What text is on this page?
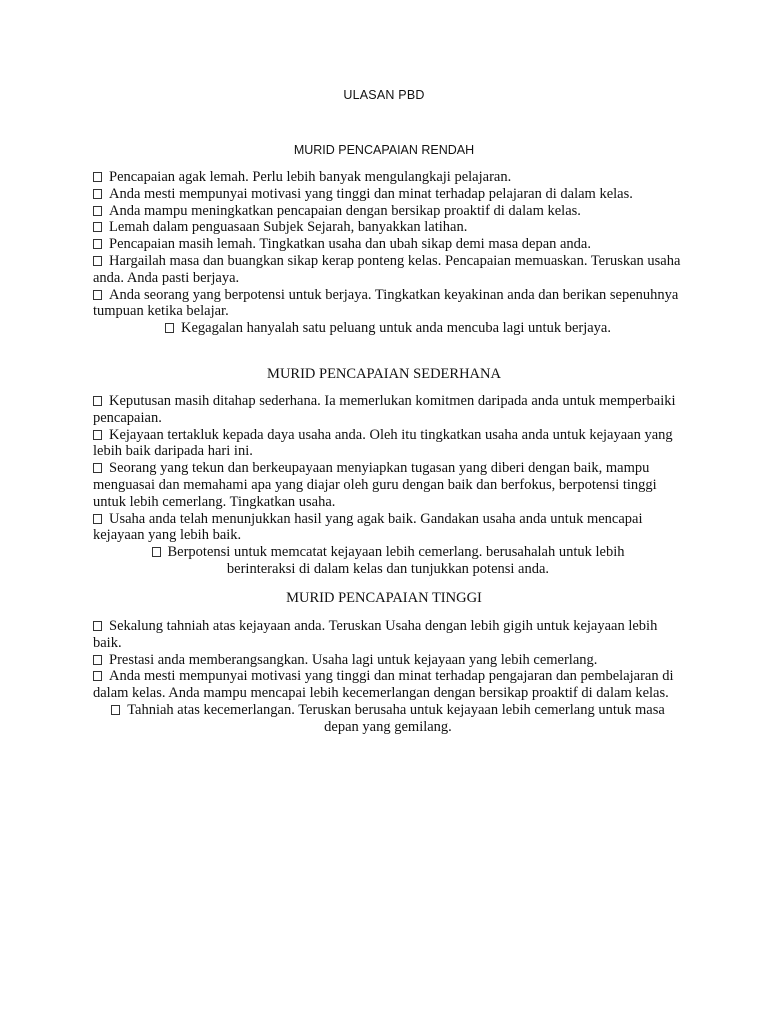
ULASAN PBD
MURID PENCAPAIAN RENDAH

Pencapaian agak lemah. Perlu lebih banyak mengulangkaji pelajaran.

Anda mesti mempunyai motivasi yang tinggi dan minat terhadap pelajaran di dalam kelas.

Anda mampu meningkatkan pencapaian dengan bersikap proaktif di dalam kelas.

Lemah dalam penguasaan Subjek Sejarah, banyakkan latihan.

Pencapaian masih lemah. Tingkatkan usaha dan ubah sikap demi masa depan anda.

Hargailah masa dan buangkan sikap kerap ponteng kelas. Pencapaian memuaskan. Teruskan usaha anda. Anda pasti berjaya.

Anda seorang yang berpotensi untuk berjaya. Tingkatkan keyakinan anda dan berikan sepenuhnya tumpuan ketika belajar.

Kegagalan hanyalah satu peluang untuk anda mencuba lagi untuk berjaya.

MURID PENCAPAIAN SEDERHANA

Keputusan masih ditahap sederhana. Ia memerlukan komitmen daripada anda untuk memperbaiki pencapaian.

Kejayaan tertakluk kepada daya usaha anda. Oleh itu tingkatkan usaha anda untuk kejayaan yang lebih baik daripada hari ini.

Seorang yang tekun dan berkeupayaan menyiapkan tugasan yang diberi dengan baik, mampu menguasai dan memahami apa yang diajar oleh guru dengan baik dan berfokus, berpotensi tinggi untuk lebih cemerlang. Tingkatkan usaha.

Usaha anda telah menunjukkan hasil yang agak baik. Gandakan usaha anda untuk mencapai kejayaan yang lebih baik.

Berpotensi untuk memcatat kejayaan lebih cemerlang. berusahalah untuk lebih berinteraksi di dalam kelas dan tunjukkan potensi anda.

MURID PENCAPAIAN TINGGI

Sekalung tahniah atas kejayaan anda. Teruskan Usaha dengan lebih gigih untuk kejayaan lebih baik.

Prestasi anda memberangsangkan. Usaha lagi untuk kejayaan yang lebih cemerlang.

Anda mesti mempunyai motivasi yang tinggi dan minat terhadap pengajaran dan pembelajaran di dalam kelas. Anda mampu mencapai lebih kecemerlangan dengan bersikap proaktif di dalam kelas.

Tahniah atas kecemerlangan. Teruskan berusaha untuk kejayaan lebih cemerlang untuk masa depan yang gemilang.
